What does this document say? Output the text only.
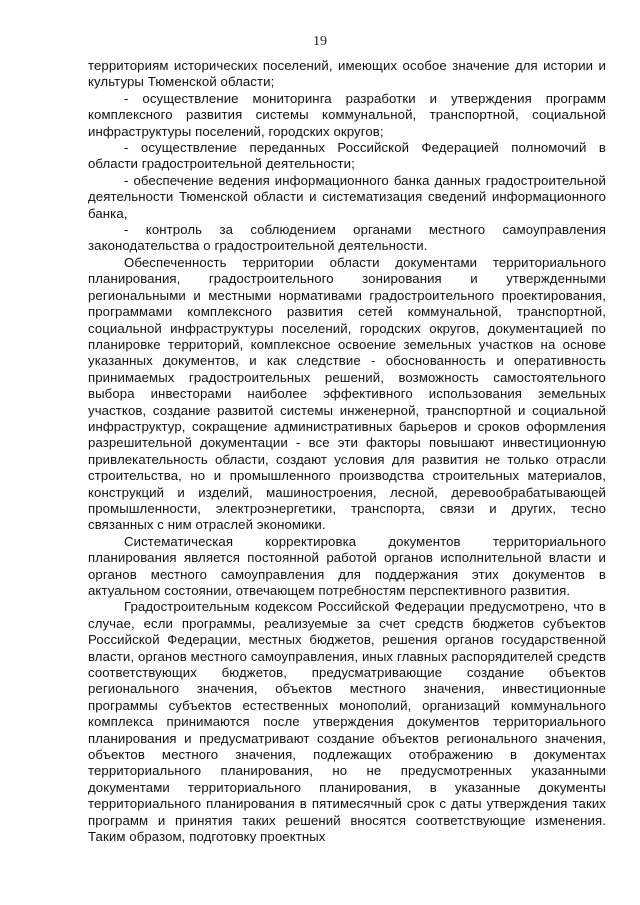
19

территориям исторических поселений, имеющих особое значение для истории и культуры Тюменской области;

- осуществление мониторинга разработки и утверждения программ комплексного развития системы коммунальной, транспортной, социальной инфраструктуры поселений, городских округов;

- осуществление переданных Российской Федерацией полномочий в области градостроительной деятельности;

- обеспечение ведения информационного банка данных градостроительной деятельности Тюменской области и систематизация сведений информационного банка,

- контроль за соблюдением органами местного самоуправления законодательства о градостроительной деятельности.

Обеспеченность территории области документами территориального планирования, градостроительного зонирования и утвержденными региональными и местными нормативами градостроительного проектирования, программами комплексного развития сетей коммунальной, транспортной, социальной инфраструктуры поселений, городских округов, документацией по планировке территорий, комплексное освоение земельных участков на основе указанных документов, и как следствие - обоснованность и оперативность принимаемых градостроительных решений, возможность самостоятельного выбора инвесторами наиболее эффективного использования земельных участков, создание развитой системы инженерной, транспортной и социальной инфраструктур, сокращение административных барьеров и сроков оформления разрешительной документации - все эти факторы повышают инвестиционную привлекательность области, создают условия для развития не только отрасли строительства, но и промышленного производства строительных материалов, конструкций и изделий, машиностроения, лесной, деревообрабатывающей промышленности, электроэнергетики, транспорта, связи и других, тесно связанных с ним отраслей экономики.

Систематическая корректировка документов территориального планирования является постоянной работой органов исполнительной власти и органов местного самоуправления для поддержания этих документов в актуальном состоянии, отвечающем потребностям перспективного развития.

Градостроительным кодексом Российской Федерации предусмотрено, что в случае, если программы, реализуемые за счет средств бюджетов субъектов Российской Федерации, местных бюджетов, решения органов государственной власти, органов местного самоуправления, иных главных распорядителей средств соответствующих бюджетов, предусматривающие создание объектов регионального значения, объектов местного значения, инвестиционные программы субъектов естественных монополий, организаций коммунального комплекса принимаются после утверждения документов территориального планирования и предусматривают создание объектов регионального значения, объектов местного значения, подлежащих отображению в документах территориального планирования, но не предусмотренных указанными документами территориального планирования, в указанные документы территориального планирования в пятимесячный срок с даты утверждения таких программ и принятия таких решений вносятся соответствующие изменения. Таким образом, подготовку проектных
